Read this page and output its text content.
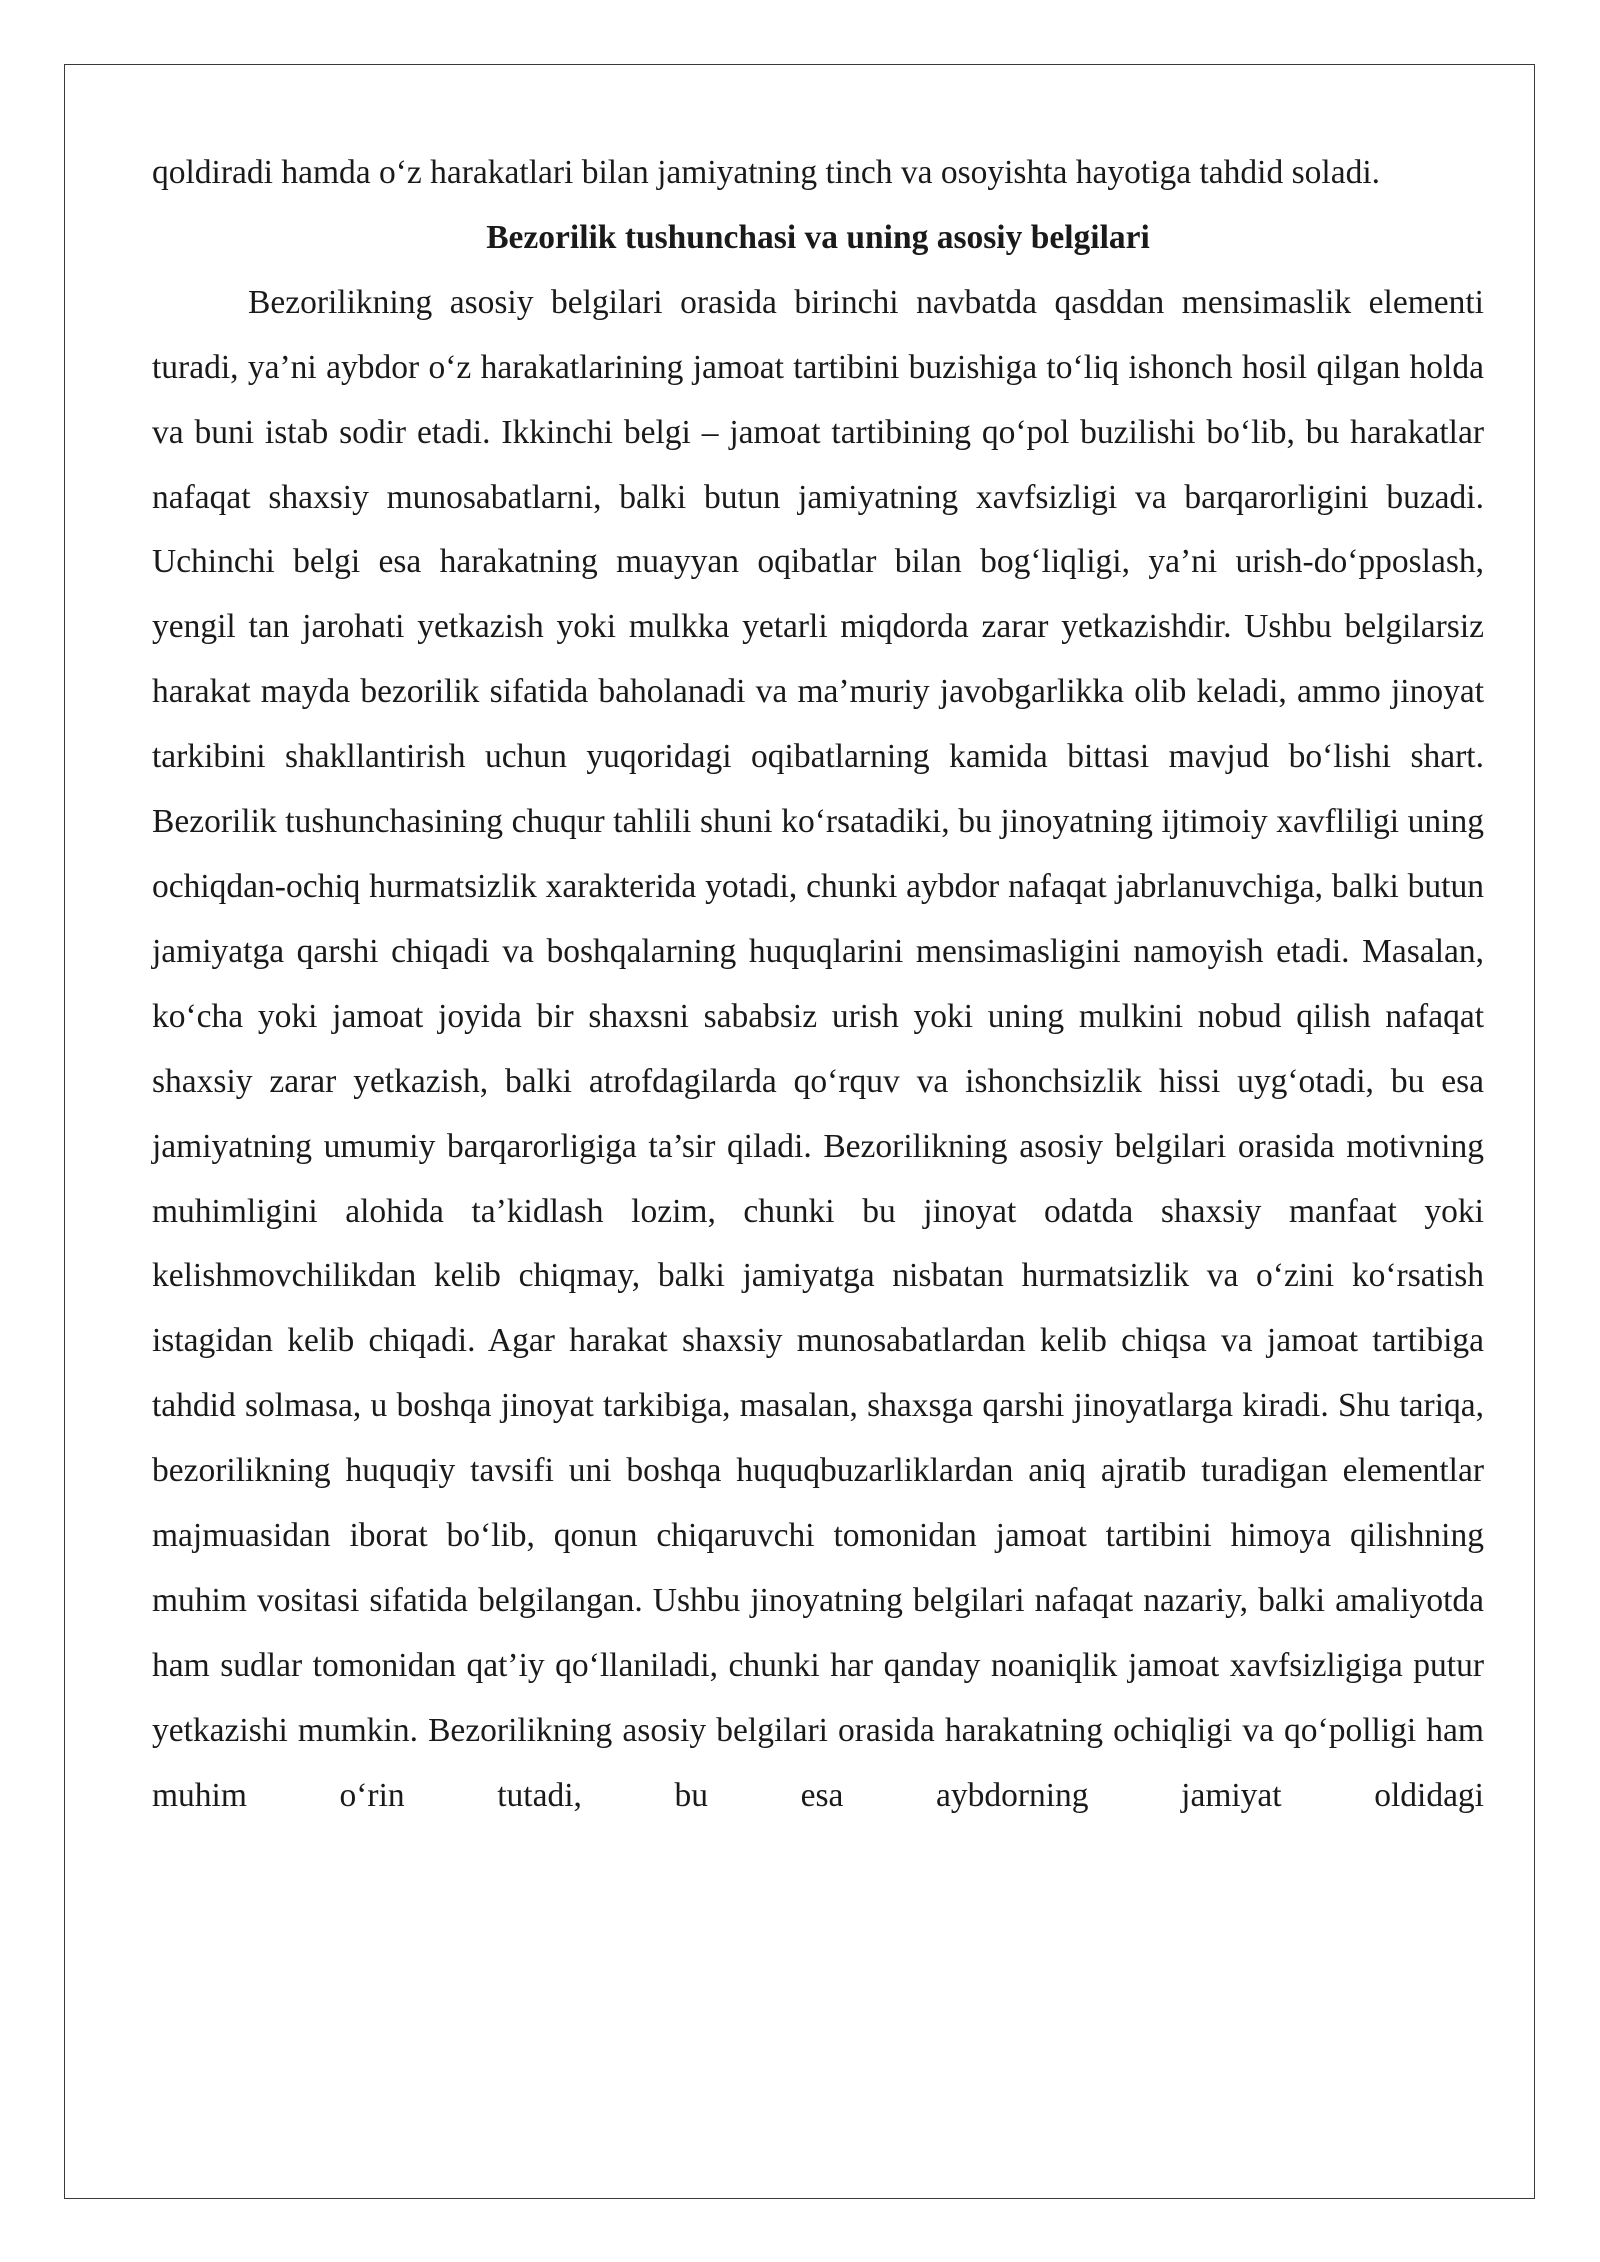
qoldiradi hamda o‘z harakatlari bilan jamiyatning tinch va osoyishta hayotiga tahdid soladi.

Bezorilik tushunchasi va uning asosiy belgilari

Bezorilikning asosiy belgilari orasida birinchi navbatda qasddan mensimaslik elementi turadi, ya’ni aybdor o‘z harakatlarining jamoat tartibini buzishiga to‘liq ishonch hosil qilgan holda va buni istab sodir etadi. Ikkinchi belgi – jamoat tartibining qo‘pol buzilishi bo‘lib, bu harakatlar nafaqat shaxsiy munosabatlarni, balki butun jamiyatning xavfsizligi va barqarorligini buzadi. Uchinchi belgi esa harakatning muayyan oqibatlar bilan bog‘liqligi, ya’ni urish-do‘pposlash, yengil tan jarohati yetkazish yoki mulkka yetarli miqdorda zarar yetkazishdir. Ushbu belgilarsiz harakat mayda bezorilik sifatida baholanadi va ma’muriy javobgarlikka olib keladi, ammo jinoyat tarkibini shakllantirish uchun yuqoridagi oqibatlarning kamida bittasi mavjud bo‘lishi shart. Bezorilik tushunchasining chuqur tahlili shuni ko‘rsatadiki, bu jinoyatning ijtimoiy xavfliligi uning ochiqdan-ochiq hurmatsizlik xarakterida yotadi, chunki aybdor nafaqat jabrlanuvchiga, balki butun jamiyatga qarshi chiqadi va boshqalarning huquqlarini mensimasligini namoyish etadi. Masalan, ko‘cha yoki jamoat joyida bir shaxsni sababsiz urish yoki uning mulkini nobud qilish nafaqat shaxsiy zarar yetkazish, balki atrofdagilarda qo‘rquv va ishonchsizlik hissi uyg‘otadi, bu esa jamiyatning umumiy barqarorligiga ta’sir qiladi. Bezorilikning asosiy belgilari orasida motivning muhimligini alohida ta’kidlash lozim, chunki bu jinoyat odatda shaxsiy manfaat yoki kelishmovchilikdan kelib chiqmay, balki jamiyatga nisbatan hurmatsizlik va o‘zini ko‘rsatish istagidan kelib chiqadi. Agar harakat shaxsiy munosabatlardan kelib chiqsa va jamoat tartibiga tahdid solmasa, u boshqa jinoyat tarkibiga, masalan, shaxsga qarshi jinoyatlarga kiradi. Shu tariqa, bezorilikning huquqiy tavsifi uni boshqa huquqbuzarliklardan aniq ajratib turadigan elementlar majmuasidan iborat bo‘lib, qonun chiqaruvchi tomonidan jamoat tartibini himoya qilishning muhim vositasi sifatida belgilangan. Ushbu jinoyatning belgilari nafaqat nazariy, balki amaliyotda ham sudlar tomonidan qat’iy qo‘llaniladi, chunki har qanday noaniqlik jamoat xavfsizligiga putur yetkazishi mumkin. Bezorilikning asosiy belgilari orasida harakatning ochiqligi va qo‘polligi ham muhim o‘rin tutadi, bu esa aybdorning jamiyat oldidagi
